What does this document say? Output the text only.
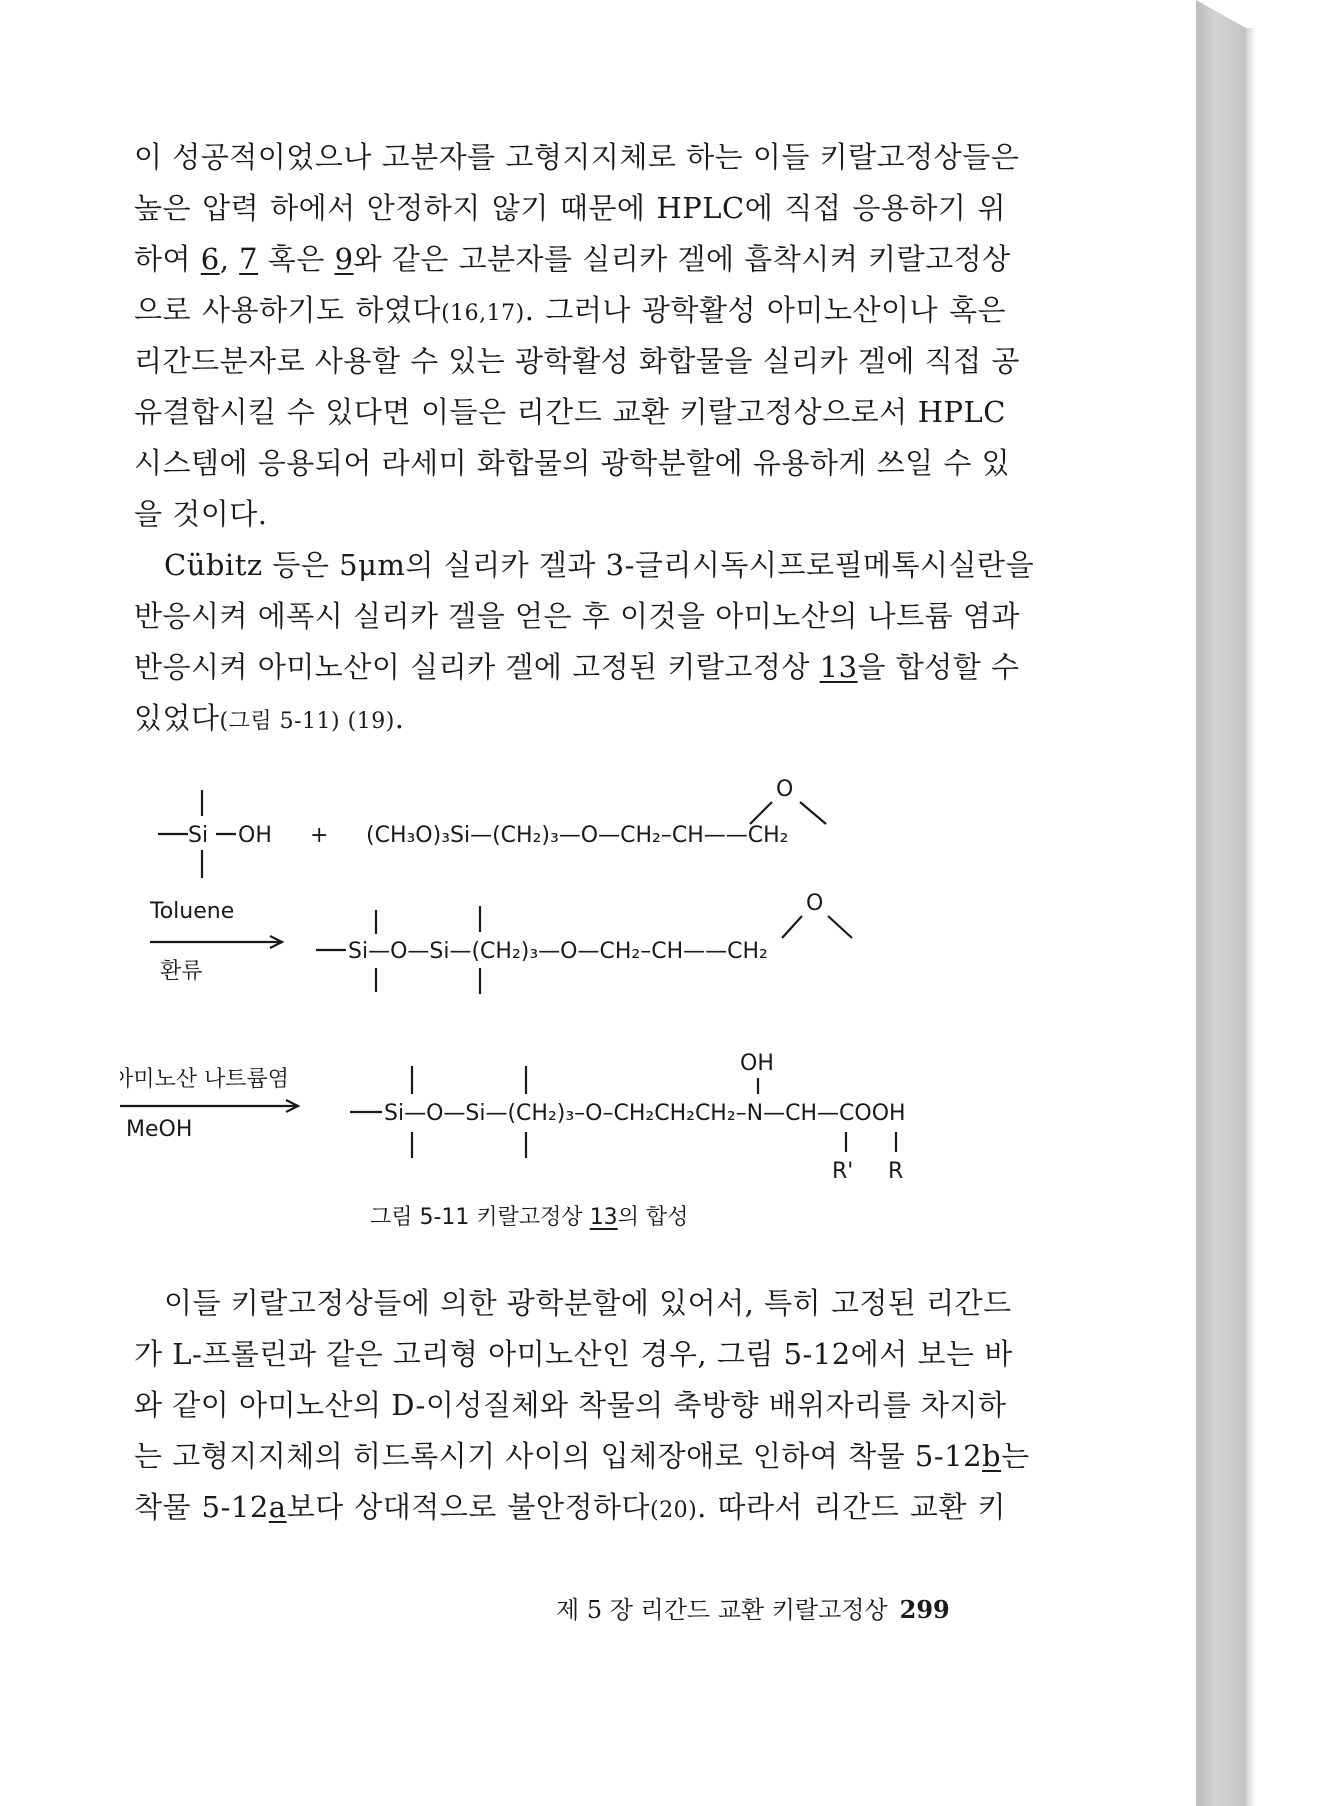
이 성공적이었으나 고분자를 고형지지체로 하는 이들 키랄고정상들은
높은 압력 하에서 안정하지 않기 때문에 HPLC에 직접 응용하기 위
하여 6, 7 혹은 9와 같은 고분자를 실리카 겔에 흡착시켜 키랄고정상
으로 사용하기도 하였다(16,17). 그러나 광학활성 아미노산이나 혹은
리간드분자로 사용할 수 있는 광학활성 화합물을 실리카 겔에 직접 공
유결합시킬 수 있다면 이들은 리간드 교환 키랄고정상으로서 HPLC
시스템에 응용되어 라세미 화합물의 광학분할에 유용하게 쓰일 수 있
을 것이다.
Cübitz 등은 5μm의 실리카 겔과 3-글리시독시프로필메톡시실란을
반응시켜 에폭시 실리카 겔을 얻은 후 이것을 아미노산의 나트륨 염과
반응시켜 아미노산이 실리카 겔에 고정된 키랄고정상 13을 합성할 수
있었다(그림 5-11) (19).
Si OH + (CH₃O)₃Si—(CH₂)₃—O—CH₂–CH——CH₂
O
Toluene
환류
Si—O—Si—(CH₂)₃—O—CH₂–CH——CH₂
O
아미노산 나트륨염
MeOH
Si—O—Si—(CH₂)₃–O–CH₂CH₂CH₂–N—CH—COOH
OH
R' R
그림 5-11 키랄고정상 13의 합성
이들 키랄고정상들에 의한 광학분할에 있어서, 특히 고정된 리간드
가 L-프롤린과 같은 고리형 아미노산인 경우, 그림 5-12에서 보는 바
와 같이 아미노산의 D-이성질체와 착물의 축방향 배위자리를 차지하
는 고형지지체의 히드록시기 사이의 입체장애로 인하여 착물 5-12b는
착물 5-12a보다 상대적으로 불안정하다(20). 따라서 리간드 교환 키
제 5 장 리간드 교환 키랄고정상 299
